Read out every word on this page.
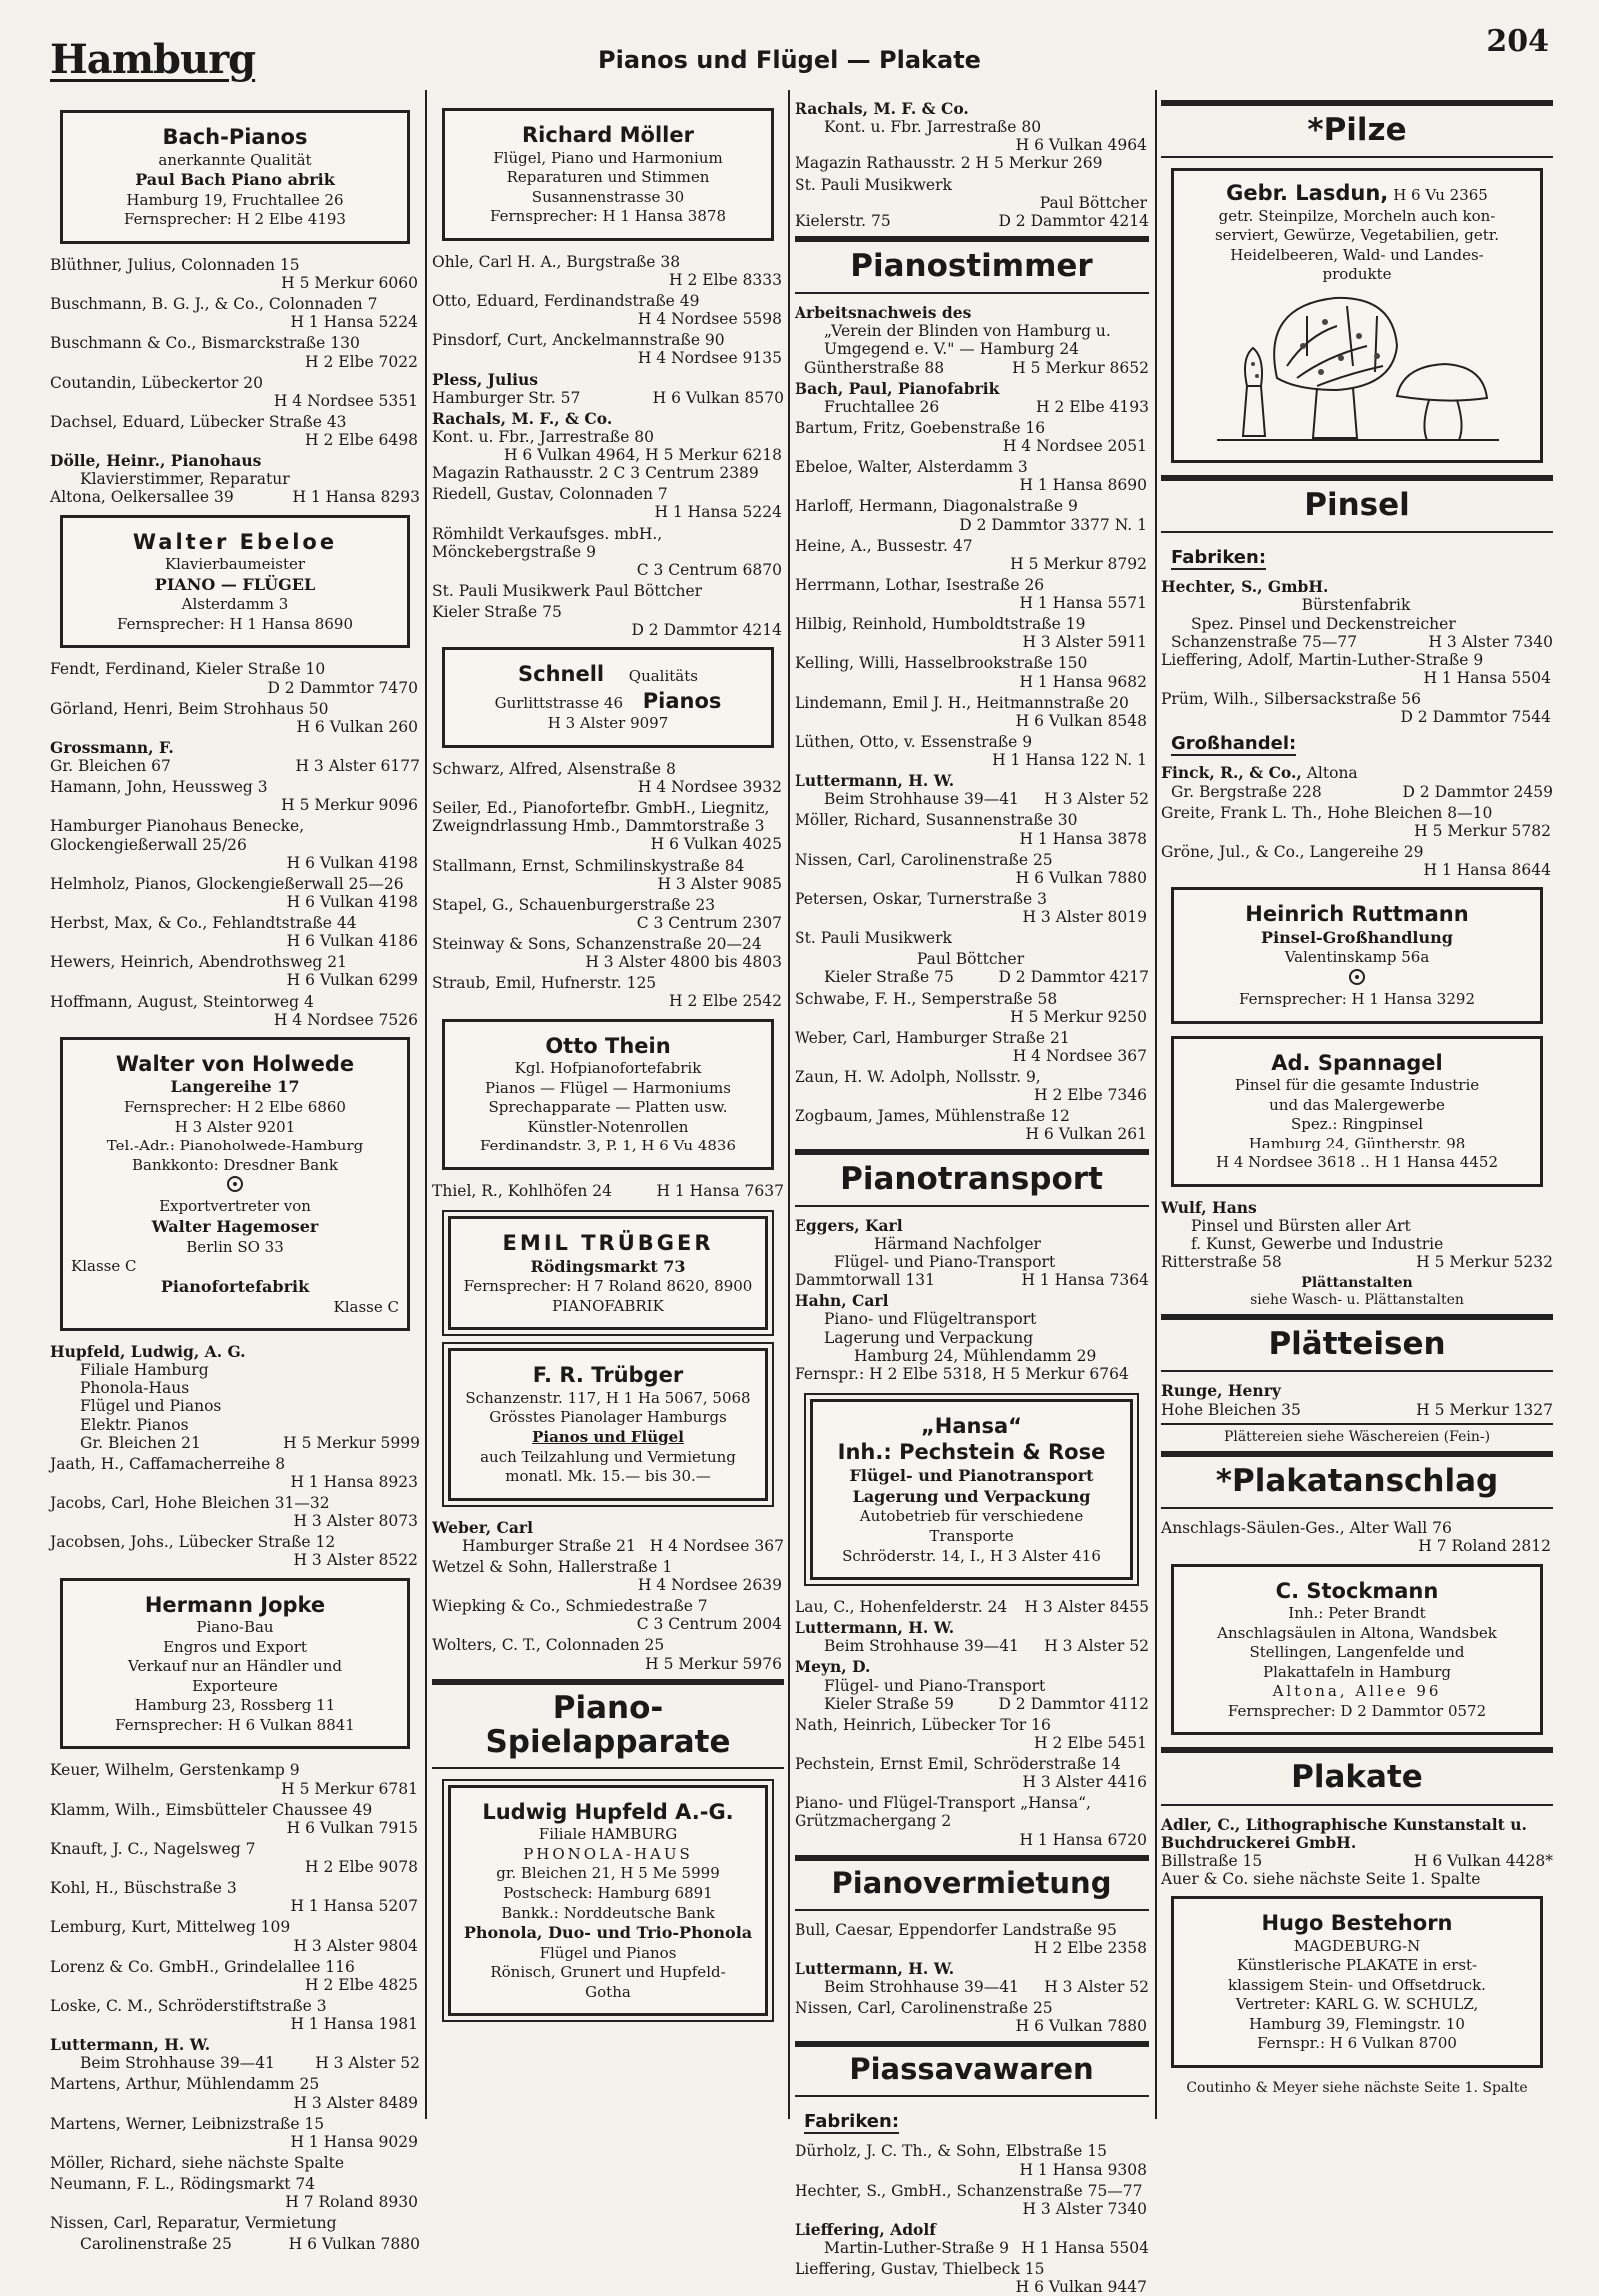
Hamburg	Pianos und Flügel — Plakate
204

Bach-Pianos

anerkannte Qualität

Paul Bach Piano abrik

Hamburg 19, Fruchtallee 26

Fernsprecher: H 2 Elbe 4193

Blüthner, Julius, Colonnaden 15
H 5 Merkur 6060
Buschmann, B. G. J., & Co., Colonnaden 7
H 1 Hansa 5224
Buschmann & Co., Bismarckstraße 130
H 2 Elbe 7022
Coutandin, Lübeckertor 20
H 4 Nordsee 5351
Dachsel, Eduard, Lübecker Straße 43
H 2 Elbe 6498
Dölle, Heinr., Pianohaus
Klavierstimmer, Reparatur
Altona, Oelkersallee 39	H 1 Hansa 8293

Walter Ebeloe

Klavierbaumeister

PIANO — FLÜGEL

Alsterdamm 3

Fernsprecher: H 1 Hansa 8690

Fendt, Ferdinand, Kieler Straße 10
D 2 Dammtor 7470
Görland, Henri, Beim Strohhaus 50
H 6 Vulkan 260
Grossmann, F.
Gr. Bleichen 67	H 3 Alster 6177
Hamann, John, Heussweg 3
H 5 Merkur 9096
Hamburger Pianohaus Benecke, Glockengießerwall 25/26
H 6 Vulkan 4198
Helmholz, Pianos, Glockengießerwall 25—26
H 6 Vulkan 4198
Herbst, Max, & Co., Fehlandtstraße 44
H 6 Vulkan 4186
Hewers, Heinrich, Abendrothsweg 21
H 6 Vulkan 6299
Hoffmann, August, Steintorweg 4
H 4 Nordsee 7526

Walter von Holwede

Langereihe 17

Fernsprecher: H 2 Elbe 6860

H 3 Alster 9201

Tel.-Adr.: Pianoholwede-Hamburg

Bankkonto: Dresdner Bank

Exportvertreter von

Walter Hagemoser

Berlin SO 33

Klasse C

Pianofortefabrik

Klasse C

Hupfeld, Ludwig, A. G.
Filiale Hamburg
Phonola-Haus
Flügel und Pianos
Elektr. Pianos
Gr. Bleichen 21	H 5 Merkur 5999
Jaath, H., Caffamacherreihe 8
H 1 Hansa 8923
Jacobs, Carl, Hohe Bleichen 31—32
H 3 Alster 8073
Jacobsen, Johs., Lübecker Straße 12
H 3 Alster 8522

Hermann Jopke

Piano-Bau

Engros und Export

Verkauf nur an Händler und

Exporteure

Hamburg 23, Rossberg 11

Fernsprecher: H 6 Vulkan 8841

Keuer, Wilhelm, Gerstenkamp 9
H 5 Merkur 6781
Klamm, Wilh., Eimsbütteler Chaussee 49
H 6 Vulkan 7915
Knauft, J. C., Nagelsweg 7
H 2 Elbe 9078
Kohl, H., Büschstraße 3
H 1 Hansa 5207
Lemburg, Kurt, Mittelweg 109
H 3 Alster 9804
Lorenz & Co. GmbH., Grindelallee 116
H 2 Elbe 4825
Loske, C. M., Schröderstiftstraße 3
H 1 Hansa 1981
Luttermann, H. W.
Beim Strohhause 39—41	H 3 Alster 52
Martens, Arthur, Mühlendamm 25
H 3 Alster 8489
Martens, Werner, Leibnizstraße 15
H 1 Hansa 9029
Möller, Richard, siehe nächste Spalte
Neumann, F. L., Rödingsmarkt 74
H 7 Roland 8930
Nissen, Carl, Reparatur, Vermietung
Carolinenstraße 25	H 6 Vulkan 7880

Richard Möller

Flügel, Piano und Harmonium

Reparaturen und Stimmen

Susannenstrasse 30

Fernsprecher: H 1 Hansa 3878

Ohle, Carl H. A., Burgstraße 38
H 2 Elbe 8333
Otto, Eduard, Ferdinandstraße 49
H 4 Nordsee 5598
Pinsdorf, Curt, Anckelmannstraße 90
H 4 Nordsee 9135
Pless, Julius
Hamburger Str. 57	H 6 Vulkan 8570
Rachals, M. F., & Co.
Kont. u. Fbr., Jarrestraße 80
H 6 Vulkan 4964, H 5 Merkur 6218
Magazin Rathausstr. 2 C 3 Centrum 2389
Riedell, Gustav, Colonnaden 7
H 1 Hansa 5224
Römhildt Verkaufsges. mbH., Mönckebergstraße 9
C 3 Centrum 6870
St. Pauli Musikwerk Paul Böttcher
Kieler Straße 75
D 2 Dammtor 4214

Schnell Qualitäts

Gurlittstrasse 46 Pianos

H 3 Alster 9097

Schwarz, Alfred, Alsenstraße 8
H 4 Nordsee 3932
Seiler, Ed., Pianofortefbr. GmbH., Liegnitz, Zweigndrlassung Hmb., Dammtorstraße 3
H 6 Vulkan 4025
Stallmann, Ernst, Schmilinskystraße 84
H 3 Alster 9085
Stapel, G., Schauenburgerstraße 23
C 3 Centrum 2307
Steinway & Sons, Schanzenstraße 20—24
H 3 Alster 4800 bis 4803
Straub, Emil, Hufnerstr. 125
H 2 Elbe 2542

Otto Thein

Kgl. Hofpianofortefabrik

Pianos — Flügel — Harmoniums

Sprechapparate — Platten usw.

Künstler-Notenrollen

Ferdinandstr. 3, P. 1, H 6 Vu 4836

Thiel, R., Kohlhöfen 24	H 1 Hansa 7637

EMIL TRÜBGER

Rödingsmarkt 73

Fernsprecher: H 7 Roland 8620, 8900

PIANOFABRIK

F. R. Trübger

Schanzenstr. 117, H 1 Ha 5067, 5068

Grösstes Pianolager Hamburgs

Pianos und Flügel

auch Teilzahlung und Vermietung

monatl. Mk. 15.— bis 30.—

Weber, Carl
Hamburger Straße 21 H 4 Nordsee 367
Wetzel & Sohn, Hallerstraße 1
H 4 Nordsee 2639
Wiepking & Co., Schmiedestraße 7
C 3 Centrum 2004
Wolters, C. T., Colonnaden 25
H 5 Merkur 5976
Piano-
Spielapparate

Ludwig Hupfeld A.-G.

Filiale HAMBURG

PHONOLA-HAUS

gr. Bleichen 21, H 5 Me 5999

Postscheck: Hamburg 6891

Bankk.: Norddeutsche Bank

Phonola, Duo- und Trio-Phonola

Flügel und Pianos

Rönisch, Grunert und Hupfeld-

Gotha

Rachals, M. F. & Co.
Kont. u. Fbr. Jarrestraße 80
H 6 Vulkan 4964
Magazin Rathausstr. 2 H 5 Merkur 269
St. Pauli Musikwerk
Paul Böttcher
Kielerstr. 75	D 2 Dammtor 4214
Pianostimmer
Arbeitsnachweis des
„Verein der Blinden von Hamburg u.
Umgegend e. V." — Hamburg 24
Güntherstraße 88	H 5 Merkur 8652
Bach, Paul, Pianofabrik
Fruchtallee 26	H 2 Elbe 4193
Bartum, Fritz, Goebenstraße 16
H 4 Nordsee 2051
Ebeloe, Walter, Alsterdamm 3
H 1 Hansa 8690
Harloff, Hermann, Diagonalstraße 9
D 2 Dammtor 3377 N. 1
Heine, A., Bussestr. 47
H 5 Merkur 8792
Herrmann, Lothar, Isestraße 26
H 1 Hansa 5571
Hilbig, Reinhold, Humboldtstraße 19
H 3 Alster 5911
Kelling, Willi, Hasselbrookstraße 150
H 1 Hansa 9682
Lindemann, Emil J. H., Heitmannstraße 20
H 6 Vulkan 8548
Lüthen, Otto, v. Essenstraße 9
H 1 Hansa 122 N. 1
Luttermann, H. W.
Beim Strohhause 39—41 H 3 Alster 52
Möller, Richard, Susannenstraße 30
H 1 Hansa 3878
Nissen, Carl, Carolinenstraße 25
H 6 Vulkan 7880
Petersen, Oskar, Turnerstraße 3
H 3 Alster 8019
St. Pauli Musikwerk
Paul Böttcher
Kieler Straße 75	D 2 Dammtor 4217
Schwabe, F. H., Semperstraße 58
H 5 Merkur 9250
Weber, Carl, Hamburger Straße 21
H 4 Nordsee 367
Zaun, H. W. Adolph, Nollsstr. 9,
H 2 Elbe 7346
Zogbaum, James, Mühlenstraße 12
H 6 Vulkan 261
Pianotransport
Eggers, Karl
Härmand Nachfolger
Flügel- und Piano-Transport
Dammtorwall 131	H 1 Hansa 7364
Hahn, Carl
Piano- und Flügeltransport
Lagerung und Verpackung
Hamburg 24, Mühlendamm 29
Fernspr.: H 2 Elbe 5318, H 5 Merkur 6764

„Hansa“

Inh.: Pechstein & Rose

Flügel- und Pianotransport

Lagerung und Verpackung

Autobetrieb für verschiedene

Transporte

Schröderstr. 14, I., H 3 Alster 416

Lau, C., Hohenfelderstr. 24 H 3 Alster 8455
Luttermann, H. W.
Beim Strohhause 39—41 H 3 Alster 52
Meyn, D.
Flügel- und Piano-Transport
Kieler Straße 59	D 2 Dammtor 4112
Nath, Heinrich, Lübecker Tor 16
H 2 Elbe 5451
Pechstein, Ernst Emil, Schröderstraße 14
H 3 Alster 4416
Piano- und Flügel-Transport „Hansa“, Grützmachergang 2
H 1 Hansa 6720
Pianovermietung
Bull, Caesar, Eppendorfer Landstraße 95
H 2 Elbe 2358
Luttermann, H. W.
Beim Strohhause 39—41 H 3 Alster 52
Nissen, Carl, Carolinenstraße 25
H 6 Vulkan 7880
Piassavawaren
Fabriken:
Dürholz, J. C. Th., & Sohn, Elbstraße 15
H 1 Hansa 9308
Hechter, S., GmbH., Schanzenstraße 75—77
H 3 Alster 7340
Lieffering, Adolf
Martin-Luther-Straße 9 H 1 Hansa 5504
Lieffering, Gustav, Thielbeck 15
H 6 Vulkan 9447
*Pilze

Gebr. Lasdun, H 6 Vu 2365

getr. Steinpilze, Morcheln auch kon-

serviert, Gewürze, Vegetabilien, getr.

Heidelbeeren, Wald- und Landes-

produkte

Pinsel
Fabriken:
Hechter, S., GmbH.
Bürstenfabrik
Spez. Pinsel und Deckenstreicher
Schanzenstraße 75—77	H 3 Alster 7340
Lieffering, Adolf, Martin-Luther-Straße 9
H 1 Hansa 5504
Prüm, Wilh., Silbersackstraße 56
D 2 Dammtor 7544
Großhandel:
Finck, R., & Co., Altona
Gr. Bergstraße 228	D 2 Dammtor 2459
Greite, Frank L. Th., Hohe Bleichen 8—10
H 5 Merkur 5782
Gröne, Jul., & Co., Langereihe 29
H 1 Hansa 8644

Heinrich Ruttmann

Pinsel-Großhandlung

Valentinskamp 56a

Fernsprecher: H 1 Hansa 3292

Ad. Spannagel

Pinsel für die gesamte Industrie

und das Malergewerbe

Spez.: Ringpinsel

Hamburg 24, Güntherstr. 98

H 4 Nordsee 3618 .. H 1 Hansa 4452

Wulf, Hans
Pinsel und Bürsten aller Art
f. Kunst, Gewerbe und Industrie
Ritterstraße 58	H 5 Merkur 5232
Plättanstalten
siehe Wasch- u. Plättanstalten
Plätteisen
Runge, Henry
Hohe Bleichen 35	H 5 Merkur 1327
Plättereien siehe Wäschereien (Fein-)
*Plakatanschlag
Anschlags-Säulen-Ges., Alter Wall 76
H 7 Roland 2812

C. Stockmann

Inh.: Peter Brandt

Anschlagsäulen in Altona, Wandsbek

Stellingen, Langenfelde und

Plakattafeln in Hamburg

Altona, Allee 96

Fernsprecher: D 2 Dammtor 0572

Plakate
Adler, C., Lithographische Kunstanstalt u. Buchdruckerei GmbH.
Billstraße 15	H 6 Vulkan 4428*
Auer & Co. siehe nächste Seite 1. Spalte

Hugo Bestehorn

MAGDEBURG-N

Künstlerische PLAKATE in erst-

klassigem Stein- und Offsetdruck.

Vertreter: KARL G. W. SCHULZ,

Hamburg 39, Flemingstr. 10

Fernspr.: H 6 Vulkan 8700

Coutinho & Meyer siehe nächste Seite 1. Spalte
